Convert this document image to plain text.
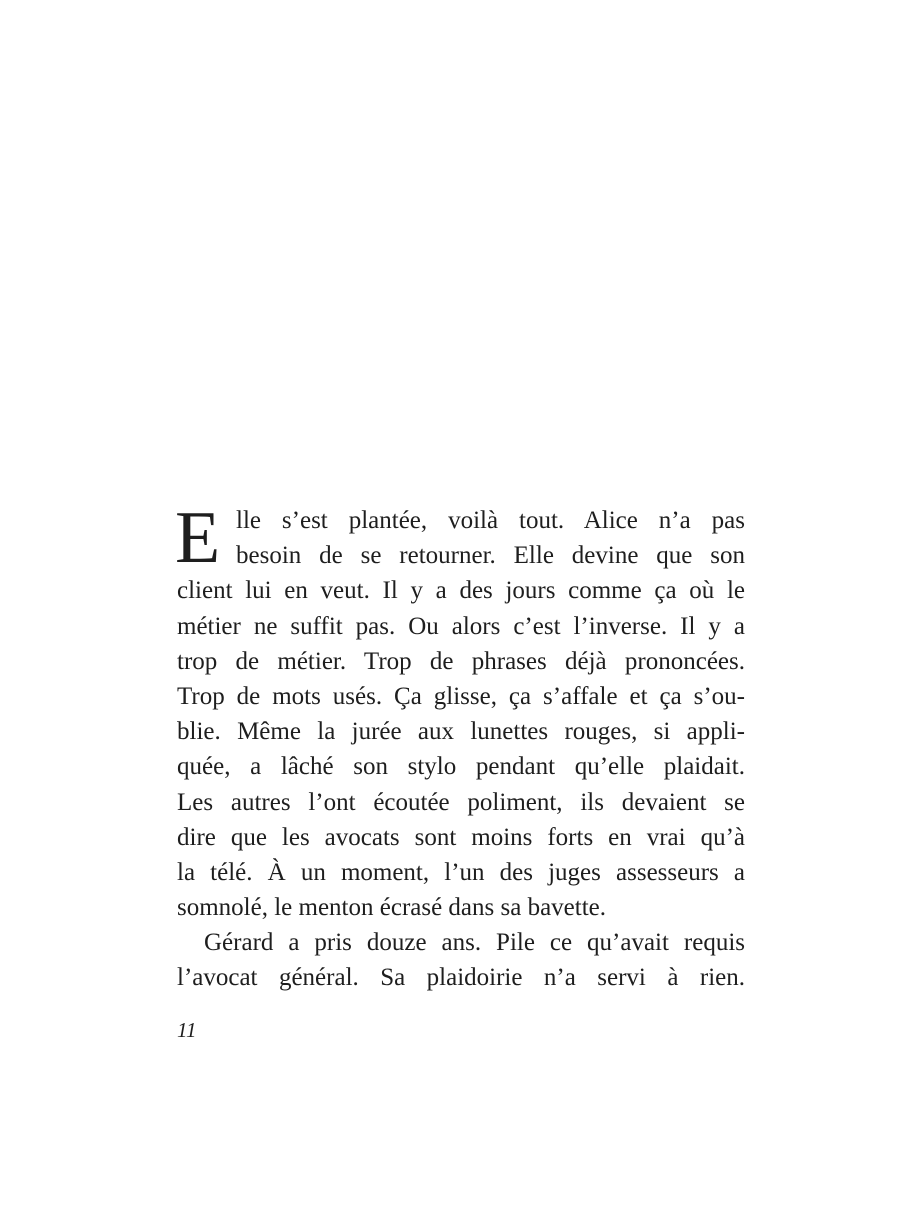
E lle s’est plantée, voilà tout. Alice n’a pas
besoin de se retourner. Elle devine que son
client lui en veut. Il y a des jours comme ça où le
métier ne suffit pas. Ou alors c’est l’inverse. Il y a
trop de métier. Trop de phrases déjà prononcées.
Trop de mots usés. Ça glisse, ça s’affale et ça s’ou-
blie. Même la jurée aux lunettes rouges, si appli-
quée, a lâché son stylo pendant qu’elle plaidait.
Les autres l’ont écoutée poliment, ils devaient se
dire que les avocats sont moins forts en vrai qu’à
la télé. À un moment, l’un des juges assesseurs a
somnolé, le menton écrasé dans sa bavette.
Gérard a pris douze ans. Pile ce qu’avait requis
l’avocat général. Sa plaidoirie n’a servi à rien.
11
